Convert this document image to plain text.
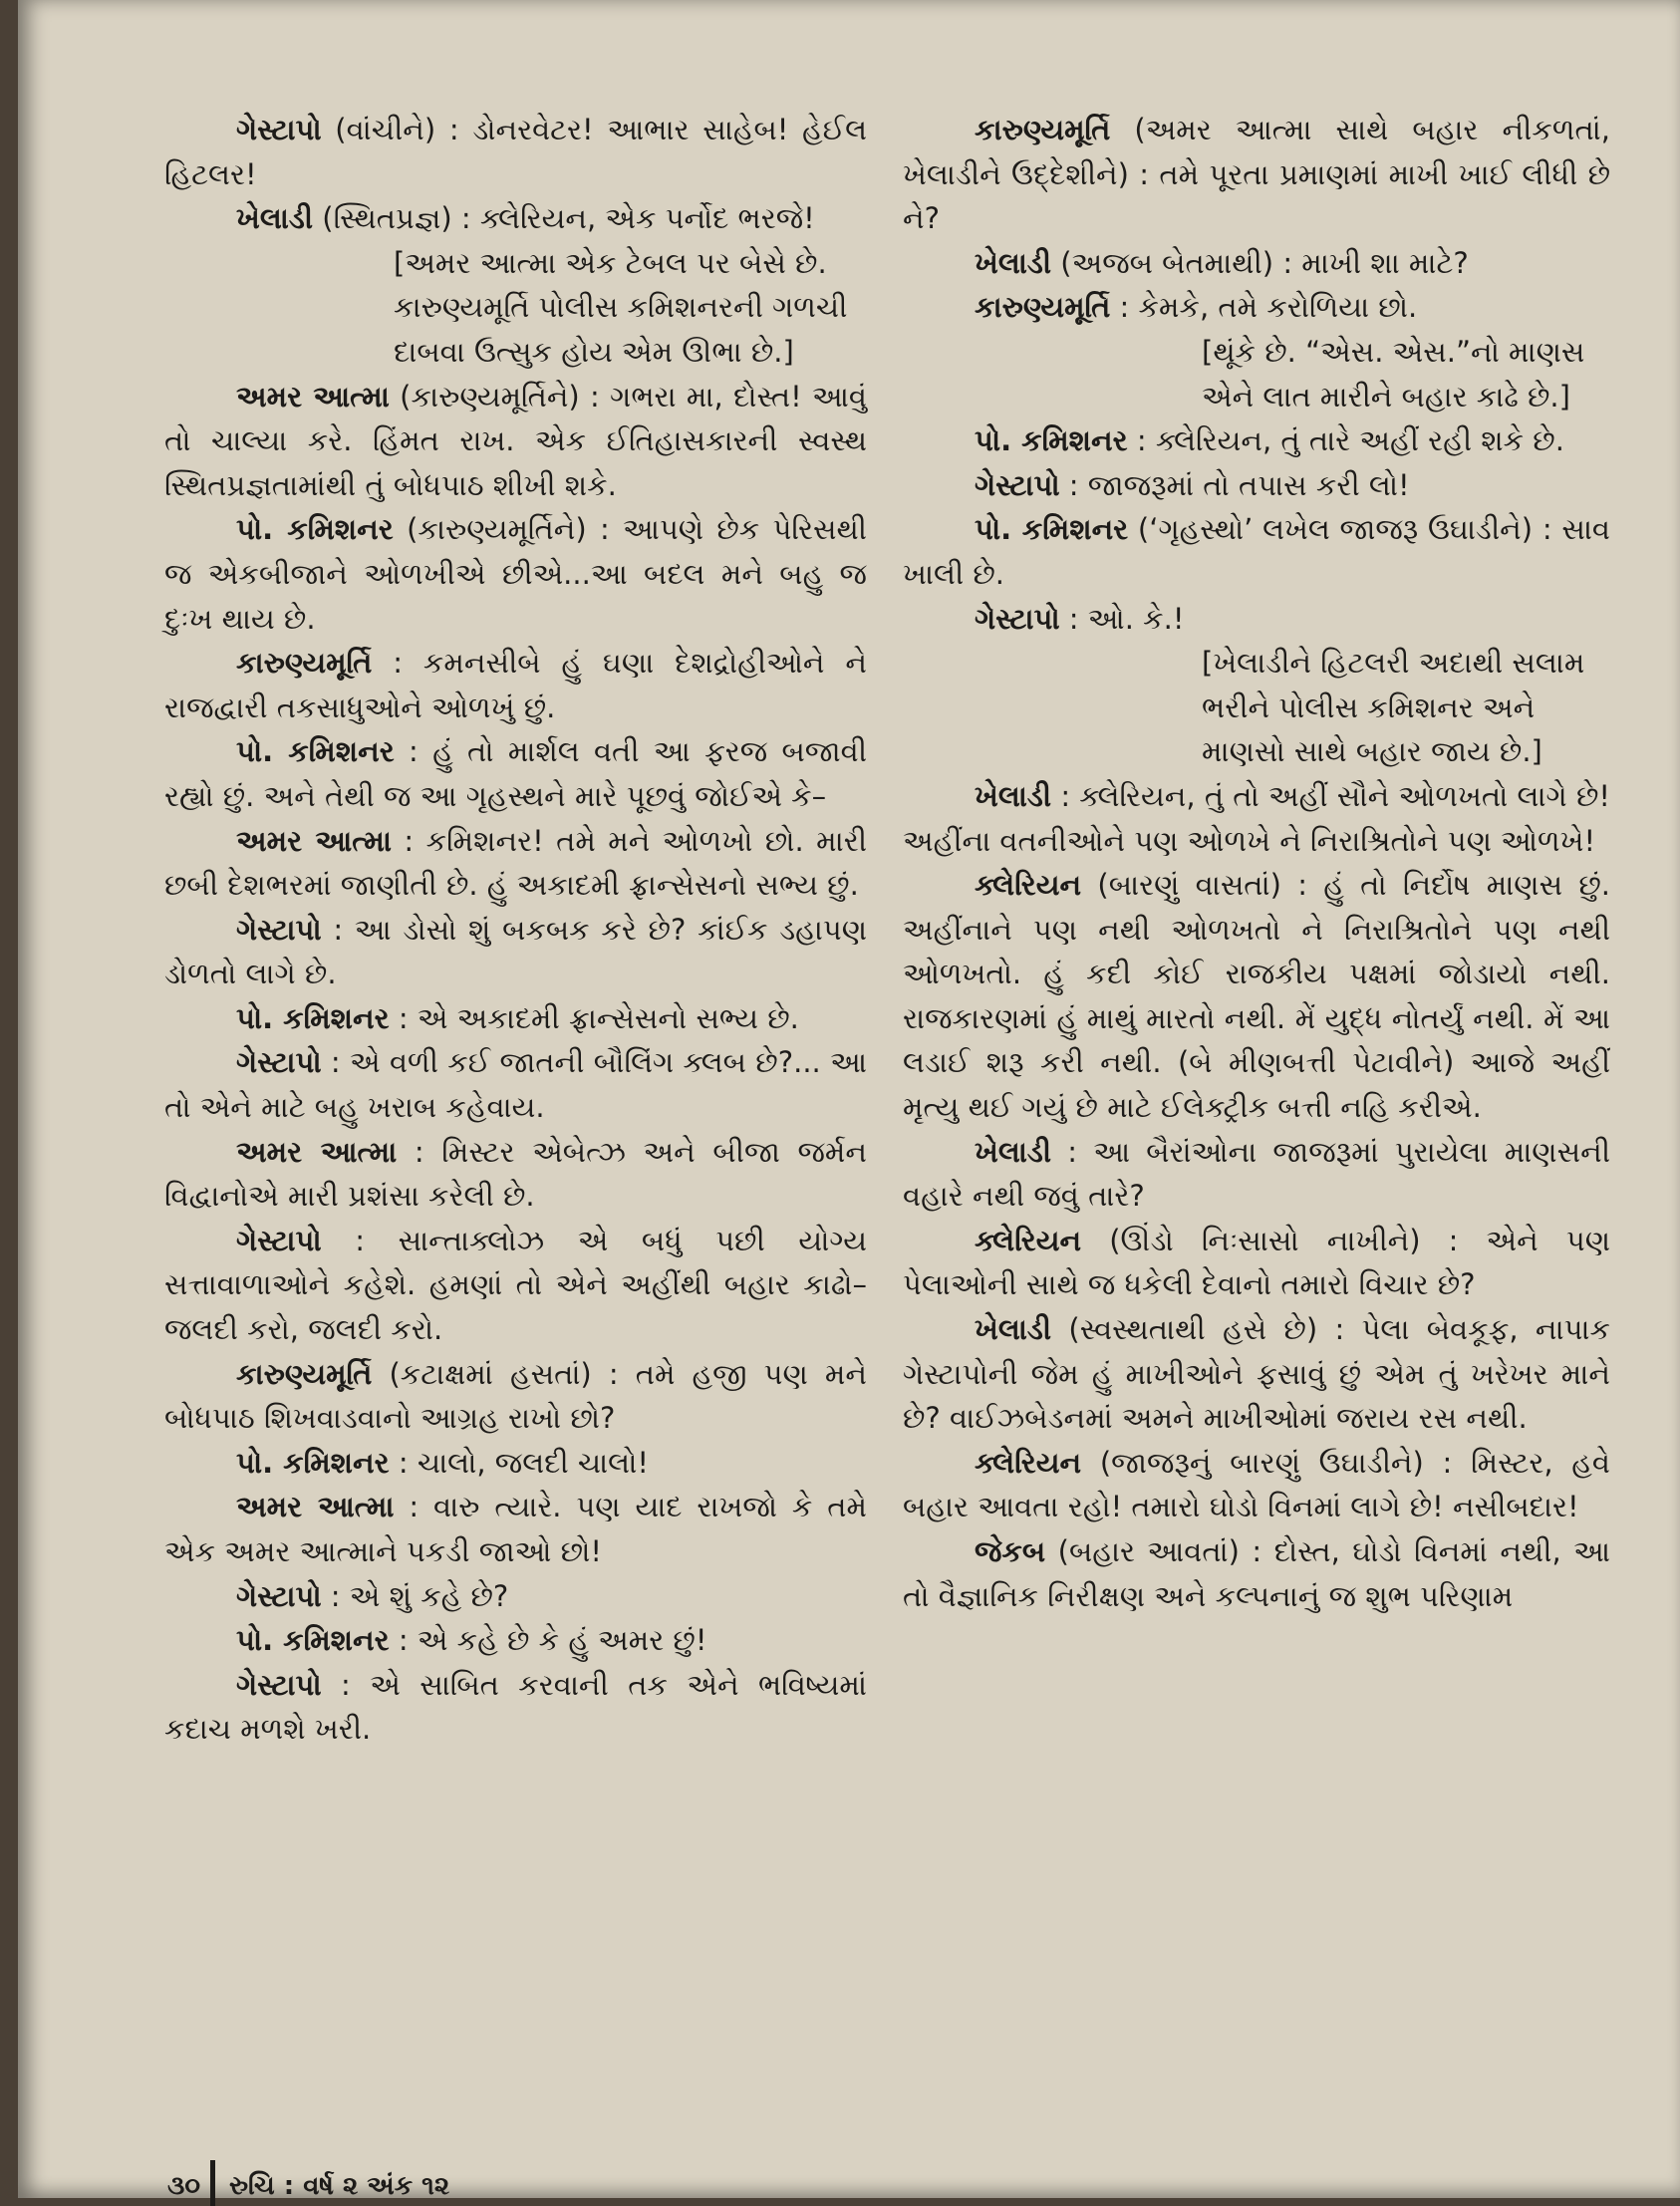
ગેસ્ટાપો (વાંચીને) : ડોનરવેટર! આભાર સાહેબ! હેઈલ હિટલર!

ખેલાડી (સ્થિતપ્રજ્ઞ) : ક્લેરિયન, એક પર્નોદ ભરજે!

[અમર આત્મા એક ટેબલ પર બેસે છે. કારુણ્યમૂર્તિ પોલીસ કમિશનરની ગળચી દાબવા ઉત્સુક હોય એમ ઊભા છે.]

અમર આત્મા (કારુણ્યમૂર્તિને) : ગભરા મા, દોસ્ત! આવું તો ચાલ્યા કરે. હિંમત રાખ. એક ઈતિહાસકારની સ્વસ્થ સ્થિતપ્રજ્ઞતામાંથી તું બોધપાઠ શીખી શકે.

પો. કમિશનર (કારુણ્યમૂર્તિને) : આપણે છેક પેરિસથી જ એકબીજાને ઓળખીએ છીએ...આ બદલ મને બહુ જ દુઃખ થાય છે.

કારુણ્યમૂર્તિ : કમનસીબે હું ઘણા દેશદ્રોહીઓને ને રાજદ્વારી તકસાધુઓને ઓળખું છું.

પો. કમિશનર : હું તો માર્શલ વતી આ ફરજ બજાવી રહ્યો છું. અને તેથી જ આ ગૃહસ્થને મારે પૂછવું જોઈએ કે–

અમર આત્મા : કમિશનર! તમે મને ઓળખો છો. મારી છબી દેશભરમાં જાણીતી છે. હું અકાદમી ફ્રાન્સેસનો સભ્ય છું.

ગેસ્ટાપો : આ ડોસો શું બકબક કરે છે? કાંઈક ડહાપણ ડોળતો લાગે છે.

પો. કમિશનર : એ અકાદમી ફ્રાન્સેસનો સભ્ય છે.

ગેસ્ટાપો : એ વળી કઈ જાતની બૌલિંગ ક્લબ છે?... આ તો એને માટે બહુ ખરાબ કહેવાય.

અમર આત્મા : મિસ્ટર એબેત્ઝ અને બીજા જર્મન વિદ્વાનોએ મારી પ્રશંસા કરેલી છે.

ગેસ્ટાપો : સાન્તાક્લોઝ એ બધું પછી યોગ્ય સત્તાવાળાઓને કહેશે. હમણાં તો એને અહીંથી બહાર કાઢો– જલદી કરો, જલદી કરો.

કારુણ્યમૂર્તિ (કટાક્ષમાં હસતાં) : તમે હજી પણ મને બોધપાઠ શિખવાડવાનો આગ્રહ રાખો છો?

પો. કમિશનર : ચાલો, જલદી ચાલો!

અમર આત્મા : વારુ ત્યારે. પણ યાદ રાખજો કે તમે એક અમર આત્માને પકડી જાઓ છો!

ગેસ્ટાપો : એ શું કહે છે?

પો. કમિશનર : એ કહે છે કે હું અમર છું!

ગેસ્ટાપો : એ સાબિત કરવાની તક એને ભવિષ્યમાં કદાચ મળશે ખરી.

કારુણ્યમૂર્તિ (અમર આત્મા સાથે બહાર નીકળતાં, ખેલાડીને ઉદ્દેશીને) : તમે પૂરતા પ્રમાણમાં માખી ખાઈ લીધી છે ને?

ખેલાડી (અજબ બેતમાથી) : માખી શા માટે?

કારુણ્યમૂર્તિ : કેમકે, તમે કરોળિયા છો.

[થૂંકે છે. “એસ. એસ.”નો માણસ એને લાત મારીને બહાર કાઢે છે.]

પો. કમિશનર : ક્લેરિયન, તું તારે અહીં રહી શકે છે.

ગેસ્ટાપો : જાજરૂમાં તો તપાસ કરી લો!

પો. કમિશનર (‘ગૃહસ્થો’ લખેલ જાજરૂ ઉઘાડીને) : સાવ ખાલી છે.

ગેસ્ટાપો : ઓ. કે.!

[ખેલાડીને હિટલરી અદાથી સલામ ભરીને પોલીસ કમિશનર અને માણસો સાથે બહાર જાય છે.]

ખેલાડી : ક્લેરિયન, તું તો અહીં સૌને ઓળખતો લાગે છે! અહીંના વતનીઓને પણ ઓળખે ને નિરાશ્રિતોને પણ ઓળખે!

ક્લેરિયન (બારણું વાસતાં) : હું તો નિર્દોષ માણસ છું. અહીંનાને પણ નથી ઓળખતો ને નિરાશ્રિતોને પણ નથી ઓળખતો. હું કદી કોઈ રાજકીય પક્ષમાં જોડાયો નથી. રાજકારણમાં હું માથું મારતો નથી. મેં યુદ્ધ નોતર્યું નથી. મેં આ લડાઈ શરૂ કરી નથી. (બે મીણબત્તી પેટાવીને) આજે અહીં મૃત્યુ થઈ ગયું છે માટે ઈલેક્ટ્રીક બત્તી નહિ કરીએ.

ખેલાડી : આ બૈરાંઓના જાજરૂમાં પુરાયેલા માણસની વહારે નથી જવું તારે?

ક્લેરિયન (ઊંડો નિઃસાસો નાખીને) : એને પણ પેલાઓની સાથે જ ધકેલી દેવાનો તમારો વિચાર છે?

ખેલાડી (સ્વસ્થતાથી હસે છે) : પેલા બેવકૂફ, નાપાક ગેસ્ટાપોની જેમ હું માખીઓને ફસાવું છું એમ તું ખરેખર માને છે? વાઈઝબેડનમાં અમને માખીઓમાં જરાય રસ નથી.

ક્લેરિયન (જાજરૂનું બારણું ઉઘાડીને) : મિસ્ટર, હવે બહાર આવતા રહો! તમારો ઘોડો વિનમાં લાગે છે! નસીબદાર!

જેકબ (બહાર આવતાં) : દોસ્ત, ઘોડો વિનમાં નથી, આ તો વૈજ્ઞાનિક નિરીક્ષણ અને કલ્પનાનું જ શુભ પરિણામ

૩૦ રુચિ : વર્ષ ૨ અંક ૧૨
